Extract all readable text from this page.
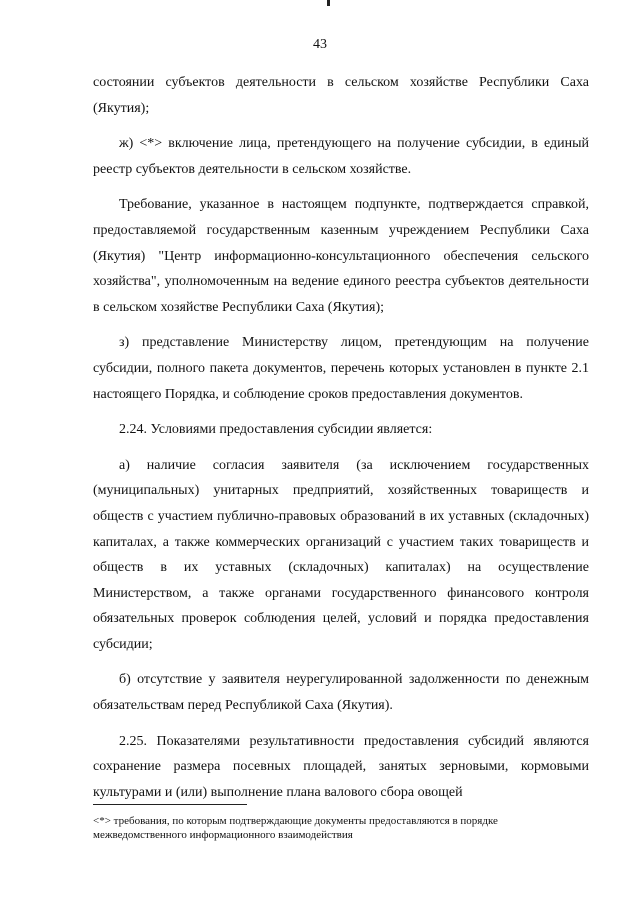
43

состоянии субъектов деятельности в сельском хозяйстве Республики Саха (Якутия);

ж) <*> включение лица, претендующего на получение субсидии, в единый реестр субъектов деятельности в сельском хозяйстве.

Требование, указанное в настоящем подпункте, подтверждается справкой, предоставляемой государственным казенным учреждением Республики Саха (Якутия) "Центр информационно-консультационного обеспечения сельского хозяйства", уполномоченным на ведение единого реестра субъектов деятельности в сельском хозяйстве Республики Саха (Якутия);

з) представление Министерству лицом, претендующим на получение субсидии, полного пакета документов, перечень которых установлен в пункте 2.1 настоящего Порядка, и соблюдение сроков предоставления документов.

2.24. Условиями предоставления субсидии является:

а) наличие согласия заявителя (за исключением государственных (муниципальных) унитарных предприятий, хозяйственных товариществ и обществ с участием публично-правовых образований в их уставных (складочных) капиталах, а также коммерческих организаций с участием таких товариществ и обществ в их уставных (складочных) капиталах) на осуществление Министерством, а также органами государственного финансового контроля обязательных проверок соблюдения целей, условий и порядка предоставления субсидии;

б) отсутствие у заявителя неурегулированной задолженности по денежным обязательствам перед Республикой Саха (Якутия).

2.25. Показателями результативности предоставления субсидий являются сохранение размера посевных площадей, занятых зерновыми, кормовыми культурами и (или) выполнение плана валового сбора овощей

<*> требования, по которым подтверждающие документы предоставляются в порядке межведомственного информационного взаимодействия
